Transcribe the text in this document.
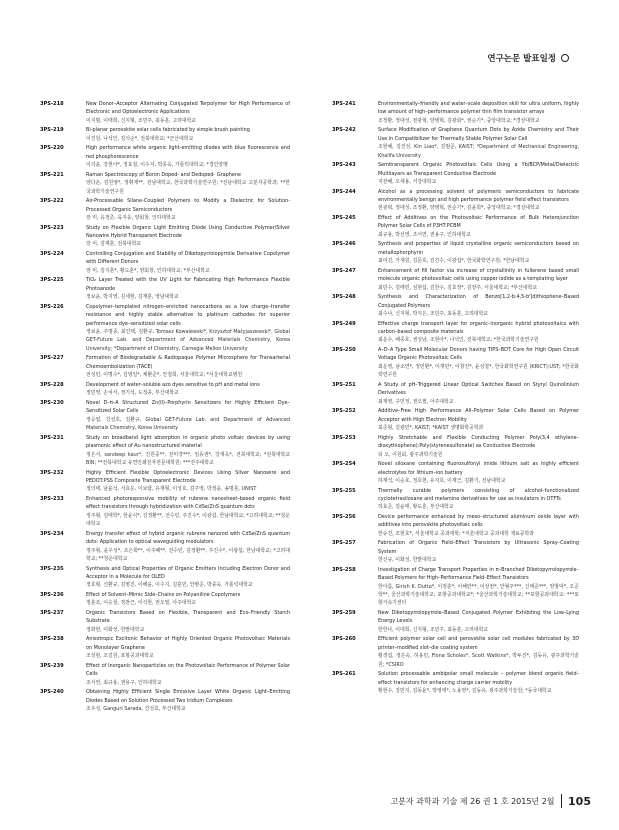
연구논문 발표일정
3PS-218	New Donor–Acceptor Alternating Conjugated Terpolymer for High Performance of Electronic and Optoelectronic Applications
이지범, 이태희, 신지형, 조민주, 최동훈, 고려대학교
3PS-219	Bi-planar perovskite solar cells fabricated by simple brush painting
이진원, 나석인, 김석순*, 전북대학교; *군산대학교
3PS-220	High performance white organic light-emitting diodes with blue fluorescence and red phosphorescence
이의윤, 강현아*, 정효철, 이수지, 박종욱, 가톨릭대학교; *경인양행
3PS-221	Raman Spectroscopy of Boron Doped- and Dedoped- Graphene
양다운, 김원영*, 정휘재**, 전남대학교, 한국과학기술연구원; *전남대학교 고분자공학과; **한국과학기술연구원
3PS-222	Air-Processable Silane-Coupled Polymers to Modify a Dielectric for Solution-Processed Organic Semiconductors
장 미, 유정준, 육지웅, 양회창, 인하대학교
3PS-223	Study on Flexible Organic Light Emitting Diode Using Conductive Polymer/Silver Nanowire Hybrid Transparent Electrode
장 미, 김재훈, 전북대학교
3PS-224	Controlling Conjugation and Stability of Diketopyrrolopyrrole Derivative Copolymer with Different Donors
장 미, 김지훈*, 황도훈*, 양회창, 인하대학교; *부산대학교
3PS-225	TiO₂ Layer Treated with the UV Light for Fabricating High Performance Flexible Photoanode
정보윤, 박지영, 김세현, 김재훈, 영남대학교
3PS-226	Copolymer–templated nitrogen–enriched nanocarbons as a low charge–transfer resistance and highly stable alternative to platinum cathodes for superior performance dye–sensitized solar cells
정보윤, 주명종, 최인택, 김환규, Tomasz Kowalewski*, Krzysztof Matyjaszewski*, Global GET-Future Lab. and Department of Advanced Materials Chemistry, Korea University; *Department of Chemistry, Carnegie Mellon University
3PS-227	Formation of Biodegradable & Radiopaque Polymer Microsphere for Transarterial Chemoembolization (TACE)
전성민, 이명수*, 김영일*, 채환준*, 안철희, 서울대학교; *서울대학교병원
3PS-228	Development of water–soluble azo dyes sensitive to pH and metal ions
정민영, 손치서, 정기석, 도정종, 부산대학교
3PS-230	Novel D–π–A Structured Zn(II)–Porphyrin Sensitizers for Highly Efficient Dye–Sensitized Solar Cells
정승엽, 강성호, 김환규, Global GET-Future Lab. and Department of Advanced Materials Chemistry, Korea University
3PS-231	Study on broadband light absorption in organic photo voltaic devices by using plasmonic effect of Au nanostructured material
정은서, sandeep kaur*, 진원중**, 전미경***, 임동권*, 강재욱*, 전북대학교; *전북대학교 BIN; **전북대학교 유연인쇄전자전문대학원; ***전주대학교
3PS-232	Highly Efficient Flexible Optoelectronic Devices Using Silver Nanowire and PEDOT:PSS Composite Transparent Electrode
정의태, 남윤석, 서효운, 이보람, 유재형, 이성호, 김주영, 박정윤, 송명훈, UNIST
3PS-233	Enhanced photoresponsive mobility of rubrene nanosheet–based organic field effect transistors through hybridization with CdSe/ZnS quantum dots
정주형, 김태학*, 한윤식*, 김정환**, 전수민, 주진수*, 이광섭, 한남대학교; *고려대학교; **청운대학교
3PS-234	Energy transfer effect of hybrid organic rubrene nanorod with CdSe/ZnS quantum dots: Application to optical waveguiding modulators
정주형, 윤우성*, 조은희**, 이주혜**, 전수민, 김정환**, 주진수*, 이광섭, 한남대학교; *고려대학교; **청운대학교
3PS-235	Synthesis and Optical Properties of Organic Emitters Including Electron Donor and Acceptor in a Molecule for OLED
정호형, 신환규, 김병진, 이해윤, 이수지, 김훈민, 안병준, 박종욱, 가톨릭대학교
3PS-236	Effect of Solvent–Mimic Side–Chains on Polyaniline Copolymers
정훈조, 이승철, 정찬근, 이석현, 권오필, 아주대학교
3PS-237	Organic Transistors Based on Flexible, Transparent and Eco–Friendly Starch Substrate
정화현, 이화성, 한밭대학교
3PS-238	Anisotropic Excitonic Behavior of Highly Oriented Organic Photovoltaic Materials on Monolayer Graphene
조성현, 조길원, 포항공과대학교
3PS-239	Effect of Inorganic Nanoparticles on the Photovoltaic Performance of Polymer Solar Cells
조서연, 최규용, 권용구, 인하대학교
3PS-240	Obtaining Highly Efficient Single Emissive Layer White Organic Light–Emitting Diodes Based on Solution Processed Two Iridium Complexes
조우성, Ganguri Sarada, 진성호, 부산대학교
3PS-241	Environmentally–friendly and water–scale deposition skill for ultra uniform, highly low amount of high–performance polymer thin film transistor arrays
조정환, 정대성, 천광혁, 양병혁, 김광회*, 권순기*, 중앙대학교; *경상대학교
3PS-242	Surface Modification of Graphene Quantum Dots by Azide Chemistry and Their Use in Compatibilizer for Thermally Stable Polymer Solar Cell
조현혜, 김진성, Kin Liao*, 김범준, KAIST; *Department of Mechanical Engineering, Khalifa University
3PS-243	Semitransparent Organic Photovoltaic Cells Using a Yb/BCP/Metal/Dielectric Multilayers as Transparent Conductive Electrode
지찬혜, 오세용, 서강대학교
3PS-244	Alcohol as a processing solvent of polymeric semiconductors to fabricate environmentally benign and high performance polymer field effect transistors
천광혁, 정대성, 조정환, 양병혁, 권순기*, 김윤희*, 중앙대학교; *경상대학교
3PS-245	Effect of Additives on the Photovoltaic Performance of Bulk Heterojunction Polymer Solar Cells of P3HT:PCBM
최규용, 박선영, 조서연, 권용구, 인하대학교
3PS-246	Synthesis and properties of liquid crystalline organic semiconductors based on metallophorphyrin
최미진, 가재원, 김문호, 김진수, 이광섭*, 한국화학연구원; *한남대학교
3PS-247	Enhancement of fill factor via increase of crystallinity in fullerene based small molecule organic photovoltaic cells using copper iodide as a templating layer
최민수, 김태민, 심현섭, 김한수, 김효정*, 김장주, 서울대학교; *부산대학교
3PS-248	Synthesis and Characterization of Benzo[1,2-b:4,5-b']dithiophene–Based Conjugated Polymers
최수나, 신지형, 박지은, 조민주, 최동훈, 고려대학교
3PS-249	Effective charge transport layer for organic–inorganic hybrid photovoltaics with carbon–based composite materials
최운수, 배종호, 권성남, 조현아*, 나석인, 전북대학교; *한국과학기술연구원
3PS-250	A–D–A Type Small Molecular Donors having TIPS–BDT Core for High Open Circuit Voltage Organic Photovoltaic Cells
최운영, 남소연*, 정민환*, 이재민*, 이창진*, 윤성철*, 한국화학연구원 (KRICT);UST; *한국화학연구원
3PS-251	A Study of pH–Triggered Linear Optical Switches Based on Styryl Quinolinium Derivatives
최재영, 구민정, 권오필, 아주대학교
3PS-252	Additive–Free High Performance All–Polymer Solar Cells Based on Polymer Acceptor with High Electron Mobility
최준형, 김광민*, KAIST; *KAIST 생명화학공학과
3PS-253	Highly Stretchable and Flexible Conducting Polymer Poly(3,4 ethylene–dioxythiophene):Poly(styrenesulfonate) as Conductive Electrode
티 오, 이원회, 광주과학기술원
3PS-254	Novel siloxane containing fluorosulfonyl imide lithium salt as highly efficient electrolytes for lithium–ion battery
하재석, 이순호, 정호현, 유지호, 이재근, 김환기, 전남대학교
3PS-255	Thermally curable polymers consisting of alcohol–functionalized cyclotetrasiloxane and melamine derivatives for use as insulators in OTFTs
하효준, 김윤태, 황도훈, 부산대학교
3PS-256	Device performance enhanced by meso–structured aluminum oxide layer with additives into perovskite photovoltaic cells
한슈진, 조현호*, 서울대학교 공과대학; *서울대학교 공과대학 재료공학과
3PS-257	Fabrication of Organic Field–Effect Transistors by Ultrasonic Spray–Coating System
한신규, 이화성, 한밭대학교
3PS-258	Investigation of Charge Transport Properties in π–Branched Diketopyrrolopyrrole–Based Polymers for High–Performance Field–Effect Transistors
한아름, Girish K. Dutta*, 이정훈*, 이해란**, 이상천*, 안형주***, 신태준***, 양창덕*, 오준학**, 울산과학기술대학교; 포항공과대학교*; *울산과학기술대학교; **포항공과대학교; ***포항가속기센터
3PS-259	New Diketopyrrolopyrrole–Based Conjugated Polymer Exhibiting the Low–Lying Energy Levels
한한나, 이대희, 신지형, 조민주, 최동훈, 고려대학교
3PS-260	Efficient polymer solar cell and perovskite solar cell modules fabricated by 3D printer–modified slot–die coating system
황경섭, 정은숙, 허용민, Fiona Scholes*, Scott Watkins*, 박두진*, 김동유, 광주과학기술원; *CSIRO
3PS-261	Solution processable ambipolar small molecule – polymer blend organic field–effect transistors for enhancing charge carrier mobility
황현수, 강민지, 김동윤*, 박영태*, 노용영*, 김동유, 광주과학기술원; *동국대학교
고분자 과학과 기술 제 26 권 1 호 2015년 2월 105
